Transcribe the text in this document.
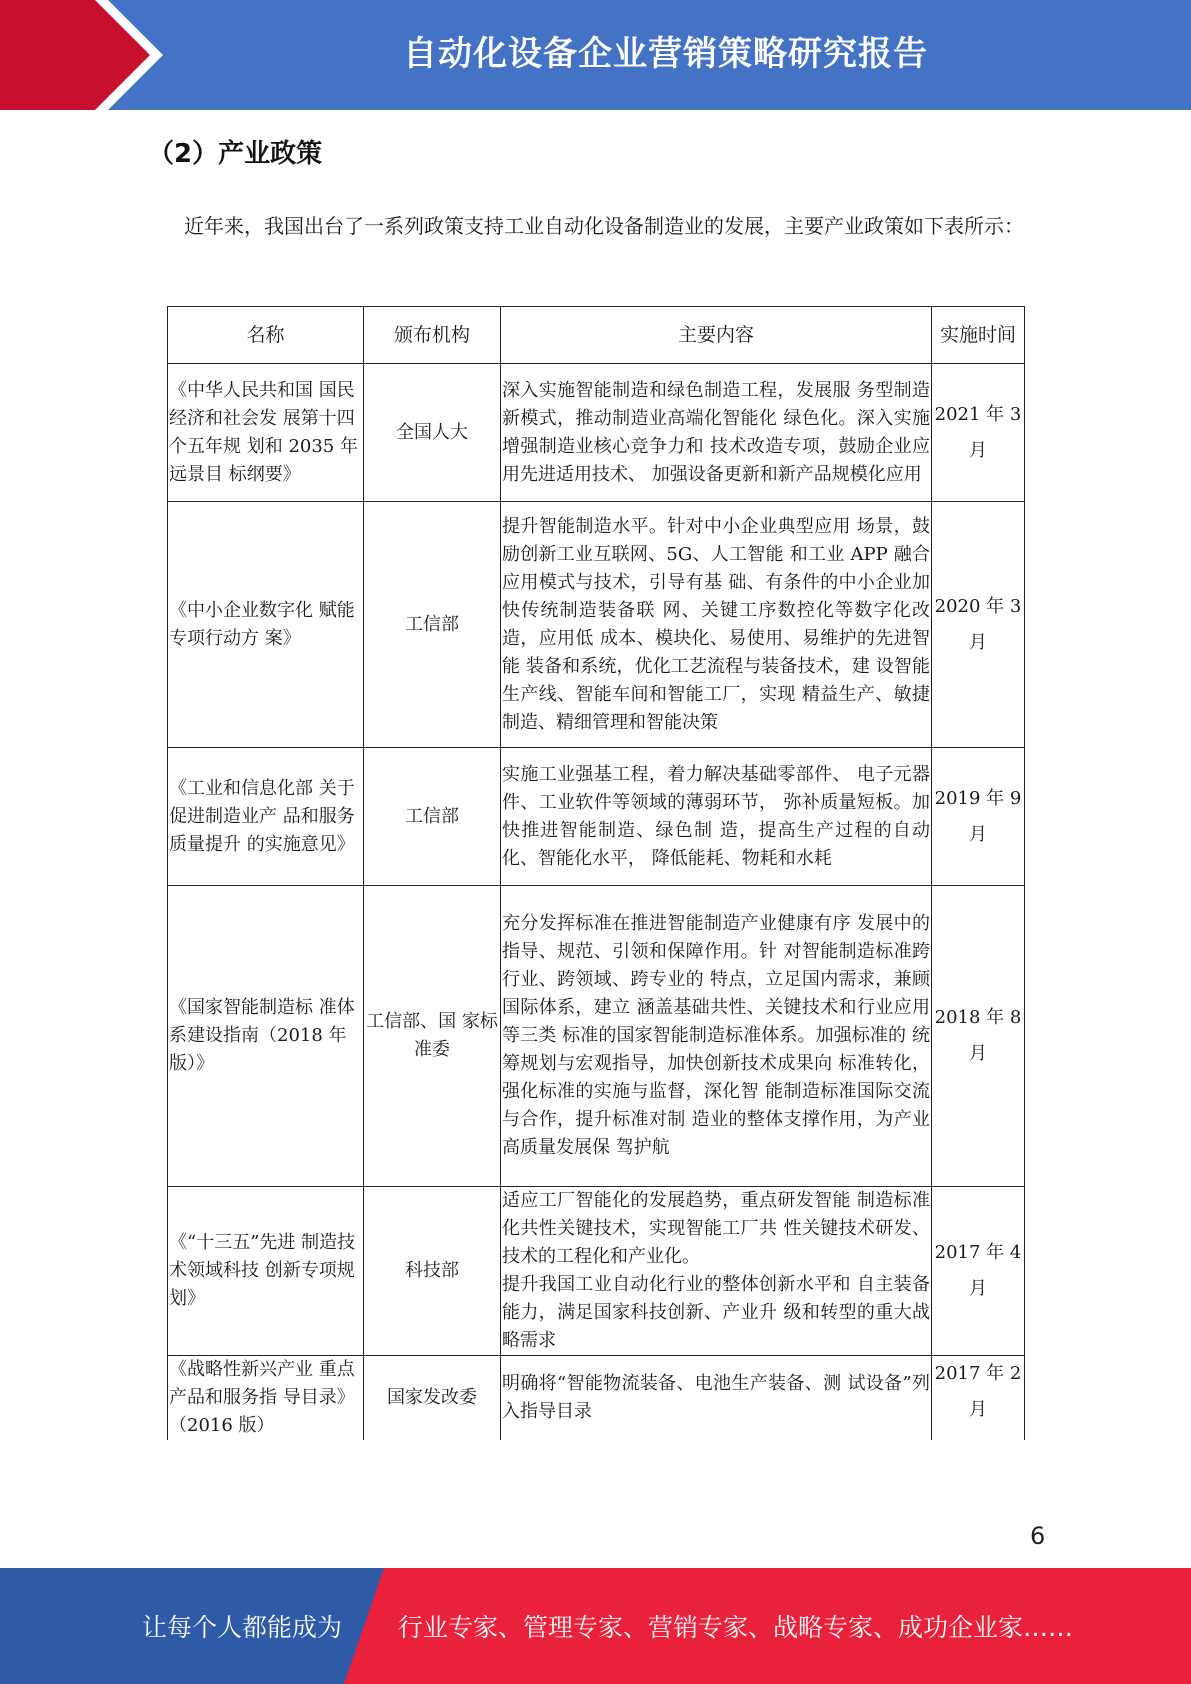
自动化设备企业营销策略研究报告
（2）产业政策

近年来，我国出台了一系列政策支持工业自动化设备制造业的发展，主要产业政策如下表所示：

名称	颁布机构	主要内容	实施时间
《中华人民共和国 国民经济和社会发 展第十四个五年规 划和 2035 年远景目 标纲要》	全国人大	深入实施智能制造和绿色制造工程，发展服 务型制造新模式，推动制造业高端化智能化 绿色化。深入实施增强制造业核心竞争力和 技术改造专项，鼓励企业应用先进适用技术、 加强设备更新和新产品规模化应用	2021 年 3 月
《中小企业数字化 赋能专项行动方 案》	工信部	提升智能制造水平。针对中小企业典型应用 场景，鼓励创新工业互联网、5G、人工智能 和工业 APP 融合应用模式与技术，引导有基 础、有条件的中小企业加快传统制造装备联 网、关键工序数控化等数字化改造，应用低 成本、模块化、易使用、易维护的先进智能 装备和系统，优化工艺流程与装备技术，建 设智能生产线、智能车间和智能工厂，实现 精益生产、敏捷制造、精细管理和智能决策	2020 年 3 月
《工业和信息化部 关于促进制造业产 品和服务质量提升 的实施意见》	工信部	实施工业强基工程，着力解决基础零部件、 电子元器件、工业软件等领域的薄弱环节， 弥补质量短板。加快推进智能制造、绿色制 造，提高生产过程的自动化、智能化水平， 降低能耗、物耗和水耗	2019 年 9 月
《国家智能制造标 准体系建设指南（2018 年版）》	工信部、国 家标准委	充分发挥标准在推进智能制造产业健康有序 发展中的指导、规范、引领和保障作用。针 对智能制造标准跨行业、跨领域、跨专业的 特点，立足国内需求，兼顾国际体系，建立 涵盖基础共性、关键技术和行业应用等三类 标准的国家智能制造标准体系。加强标准的 统筹规划与宏观指导，加快创新技术成果向 标准转化，强化标准的实施与监督，深化智 能制造标准国际交流与合作，提升标准对制 造业的整体支撑作用，为产业高质量发展保 驾护航	2018 年 8 月
《“十三五”先进 制造技术领域科技 创新专项规划》	科技部	适应工厂智能化的发展趋势，重点研发智能 制造标准化共性关键技术，实现智能工厂共 性关键技术研发、技术的工程化和产业化。
提升我国工业自动化行业的整体创新水平和 自主装备能力，满足国家科技创新、产业升 级和转型的重大战略需求	2017 年 4 月
《战略性新兴产业 重点产品和服务指 导目录》（2016 版）	国家发改委	明确将“智能物流装备、电池生产装备、测 试设备”列入指导目录	2017 年 2 月
6
让每个人都能成为 行业专家、管理专家、营销专家、战略专家、成功企业家……
